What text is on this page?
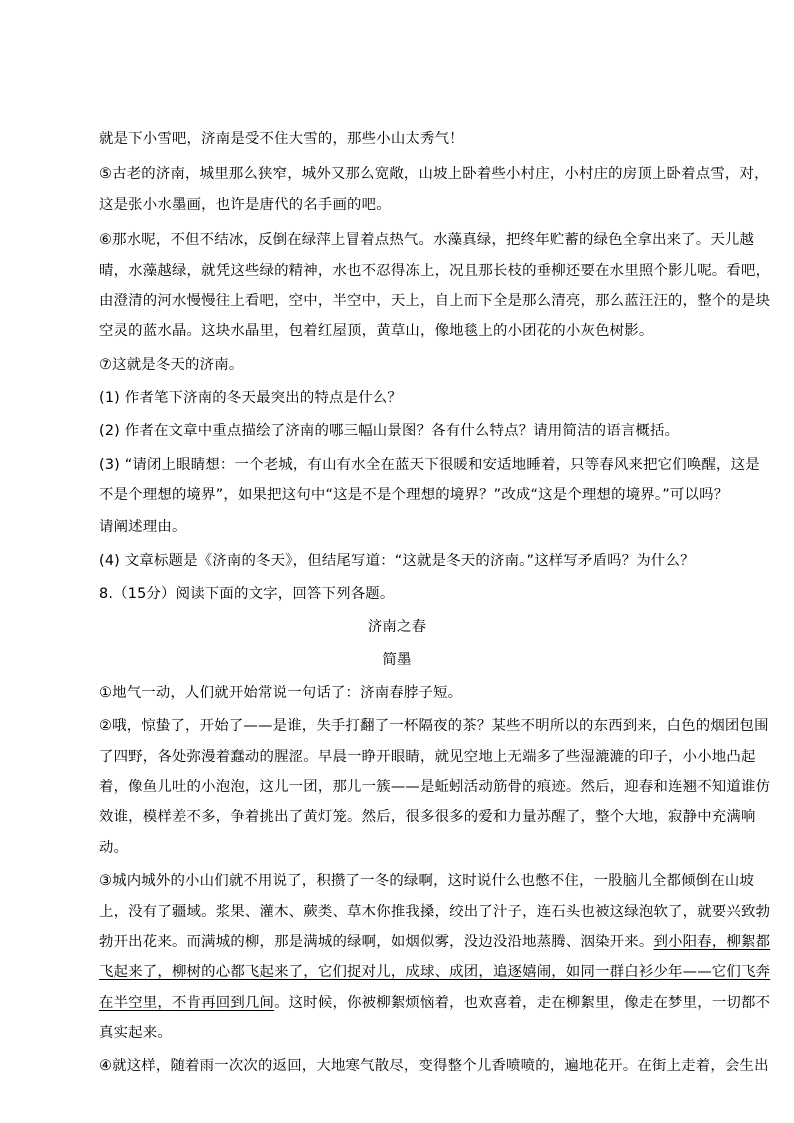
就是下小雪吧，济南是受不住大雪的，那些小山太秀气！

⑤古老的济南，城里那么狭窄，城外又那么宽敞，山坡上卧着些小村庄，小村庄的房顶上卧着点雪，对，

这是张小水墨画，也许是唐代的名手画的吧。

⑥那水呢，不但不结冰，反倒在绿萍上冒着点热气。水藻真绿，把终年贮蓄的绿色全拿出来了。天儿越

晴，水藻越绿，就凭这些绿的精神，水也不忍得冻上，况且那长枝的垂柳还要在水里照个影儿呢。看吧，

由澄清的河水慢慢往上看吧，空中，半空中，天上，自上而下全是那么清亮，那么蓝汪汪的，整个的是块

空灵的蓝水晶。这块水晶里，包着红屋顶，黄草山，像地毯上的小团花的小灰色树影。

⑦这就是冬天的济南。

(1) 作者笔下济南的冬天最突出的特点是什么？

(2) 作者在文章中重点描绘了济南的哪三幅山景图？各有什么特点？请用简洁的语言概括。

(3) “请闭上眼睛想：一个老城，有山有水全在蓝天下很暖和安适地睡着，只等春风来把它们唤醒，这是

不是个理想的境界”，如果把这句中“这是不是个理想的境界？”改成“这是个理想的境界。”可以吗？

请阐述理由。

(4) 文章标题是《济南的冬天》，但结尾写道：“这就是冬天的济南。”这样写矛盾吗？为什么？

8.（15分）阅读下面的文字，回答下列各题。

济南之春

简墨

①地气一动，人们就开始常说一句话了：济南春脖子短。

②哦，惊蛰了，开始了——是谁，失手打翻了一杯隔夜的茶？某些不明所以的东西到来，白色的烟团包围

了四野，各处弥漫着蠢动的腥涩。早晨一睁开眼睛，就见空地上无端多了些湿漉漉的印子，小小地凸起

着，像鱼儿吐的小泡泡，这儿一团，那儿一簇——是蚯蚓活动筋骨的痕迹。然后，迎春和连翘不知道谁仿

效谁，模样差不多，争着挑出了黄灯笼。然后，很多很多的爱和力量苏醒了，整个大地，寂静中充满响

动。

③城内城外的小山们就不用说了，积攒了一冬的绿啊，这时说什么也憋不住，一股脑儿全都倾倒在山坡

上，没有了疆域。浆果、灌木、蕨类、草木你推我搡，绞出了汁子，连石头也被这绿泡软了，就要兴致勃

勃开出花来。而满城的柳，那是满城的绿啊，如烟似雾，没边没沿地蒸腾、洇染开来。到小阳春，柳絮都

飞起来了，柳树的心都飞起来了，它们捉对儿，成球、成团，追逐嬉闹，如同一群白衫少年——它们飞奔

在半空里，不肯再回到几间。这时候，你被柳絮烦恼着，也欢喜着，走在柳絮里，像走在梦里，一切都不

真实起来。

④就这样，随着雨一次次的返回，大地寒气散尽，变得整个儿香喷喷的，遍地花开。在街上走着，会生出
